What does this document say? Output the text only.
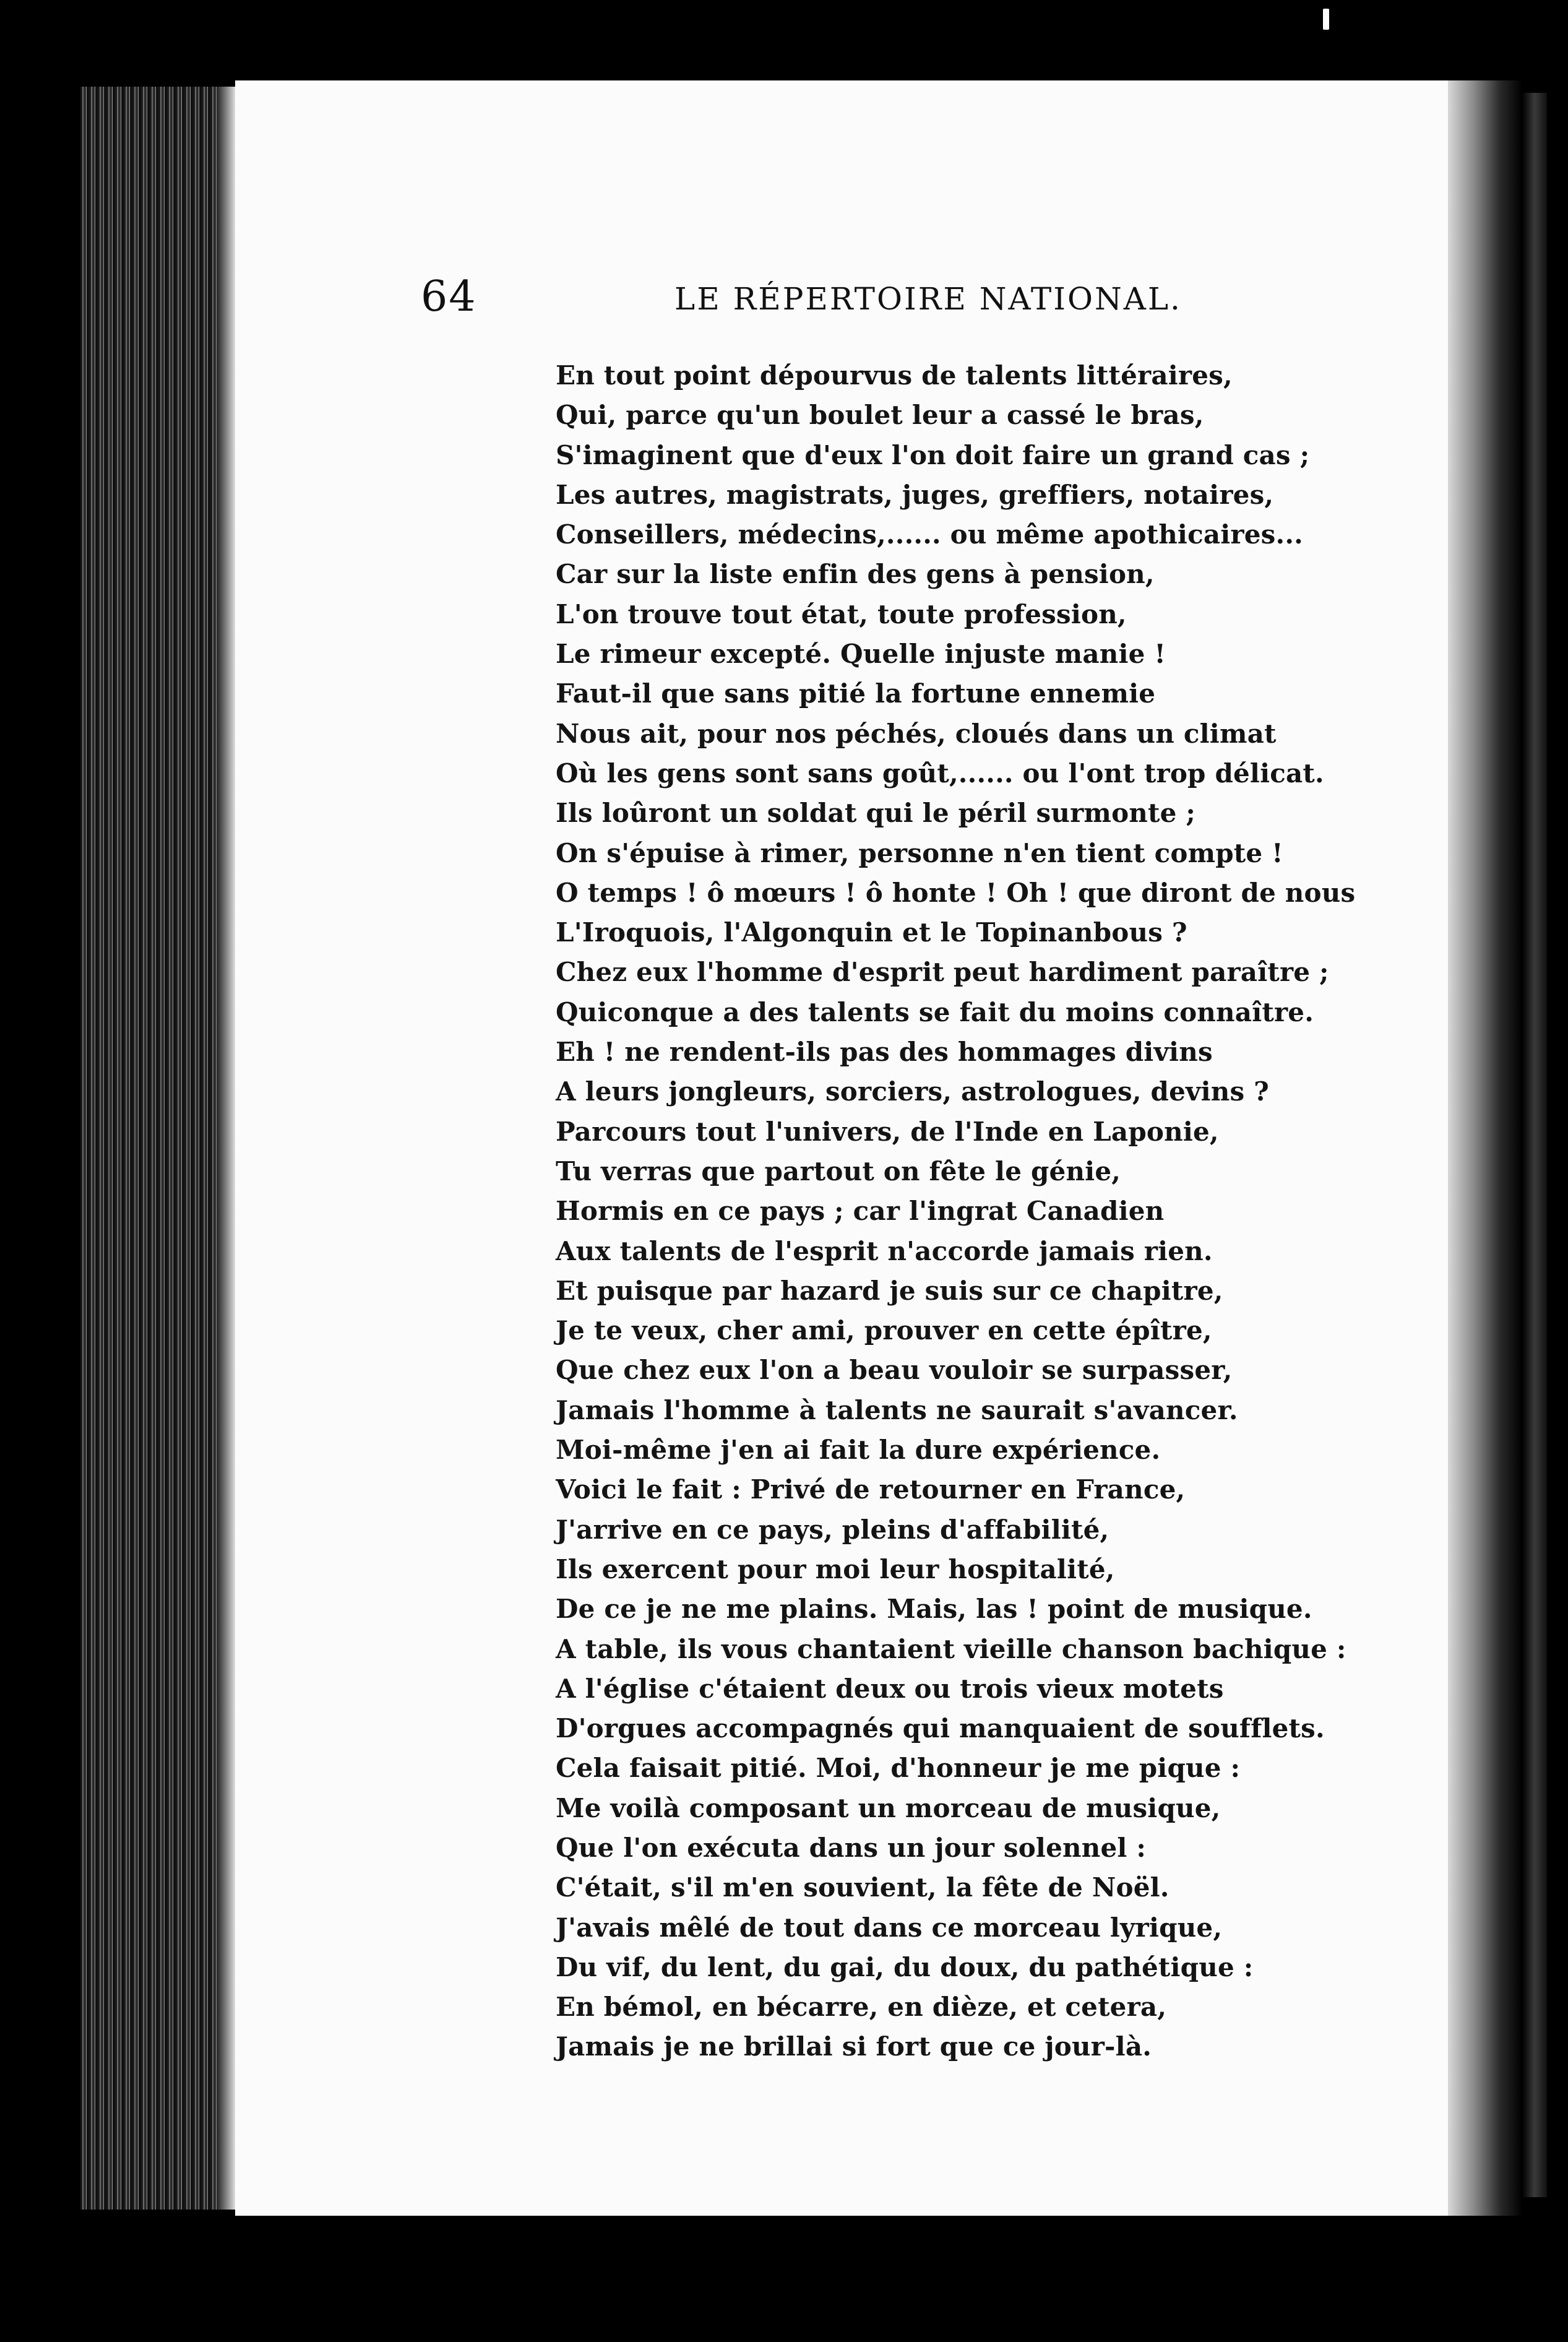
64	LE RÉPERTOIRE NATIONAL.
En tout point dépourvus de talents littéraires,
Qui, parce qu'un boulet leur a cassé le bras,
S'imaginent que d'eux l'on doit faire un grand cas ;
Les autres, magistrats, juges, greffiers, notaires,
Conseillers, médecins,...... ou même apothicaires...
Car sur la liste enfin des gens à pension,
L'on trouve tout état, toute profession,
Le rimeur excepté. Quelle injuste manie !
Faut-il que sans pitié la fortune ennemie
Nous ait, pour nos péchés, cloués dans un climat
Où les gens sont sans goût,...... ou l'ont trop délicat.
Ils loûront un soldat qui le péril surmonte ;
On s'épuise à rimer, personne n'en tient compte !
O temps ! ô mœurs ! ô honte ! Oh ! que diront de nous
L'Iroquois, l'Algonquin et le Topinanbous ?
Chez eux l'homme d'esprit peut hardiment paraître ;
Quiconque a des talents se fait du moins connaître.
Eh ! ne rendent-ils pas des hommages divins
A leurs jongleurs, sorciers, astrologues, devins ?
Parcours tout l'univers, de l'Inde en Laponie,
Tu verras que partout on fête le génie,
Hormis en ce pays ; car l'ingrat Canadien
Aux talents de l'esprit n'accorde jamais rien.
Et puisque par hazard je suis sur ce chapitre,
Je te veux, cher ami, prouver en cette épître,
Que chez eux l'on a beau vouloir se surpasser,
Jamais l'homme à talents ne saurait s'avancer.
Moi-même j'en ai fait la dure expérience.
Voici le fait : Privé de retourner en France,
J'arrive en ce pays, pleins d'affabilité,
Ils exercent pour moi leur hospitalité,
De ce je ne me plains. Mais, las ! point de musique.
A table, ils vous chantaient vieille chanson bachique :
A l'église c'étaient deux ou trois vieux motets
D'orgues accompagnés qui manquaient de soufflets.
Cela faisait pitié. Moi, d'honneur je me pique :
Me voilà composant un morceau de musique,
Que l'on exécuta dans un jour solennel :
C'était, s'il m'en souvient, la fête de Noël.
J'avais mêlé de tout dans ce morceau lyrique,
Du vif, du lent, du gai, du doux, du pathétique :
En bémol, en bécarre, en dièze, et cetera,
Jamais je ne brillai si fort que ce jour-là.
